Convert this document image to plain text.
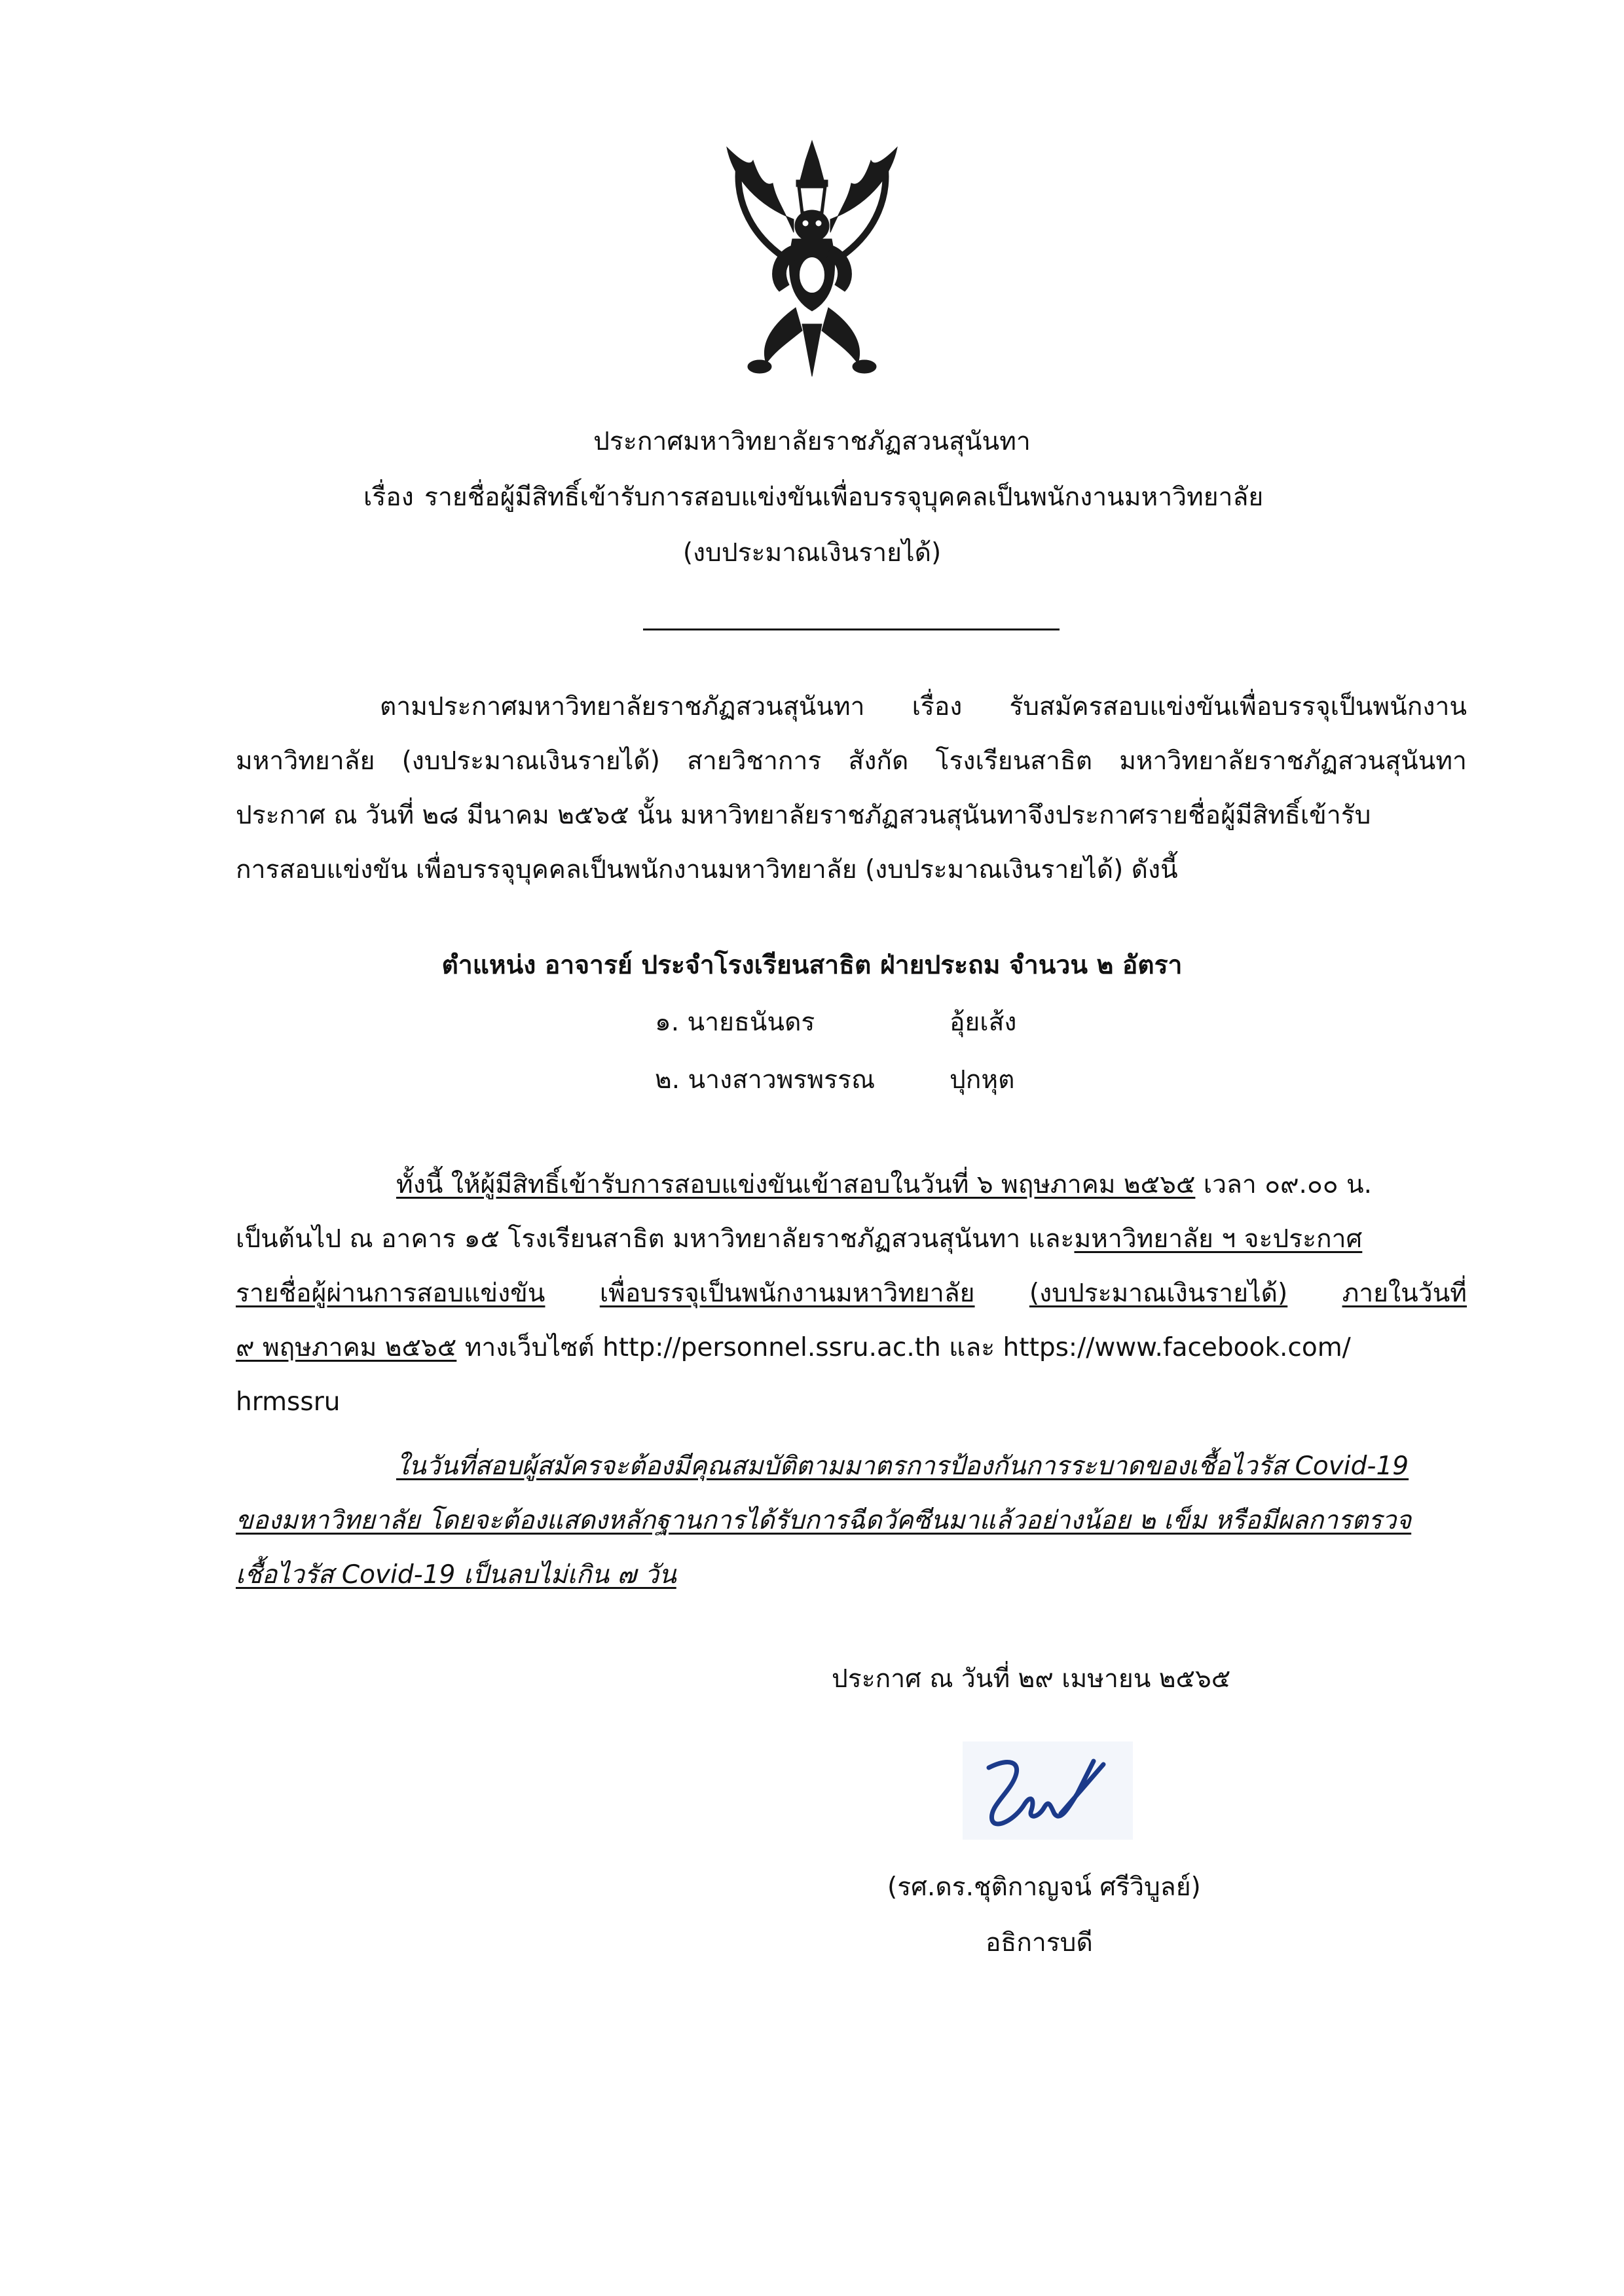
ประกาศมหาวิทยาลัยราชภัฏสวนสุนันทา
เรื่อง รายชื่อผู้มีสิทธิ์เข้ารับการสอบแข่งขันเพื่อบรรจุบุคคลเป็นพนักงานมหาวิทยาลัย
(งบประมาณเงินรายได้)
ตามประกาศมหาวิทยาลัยราชภัฏสวนสุนันทา เรื่อง รับสมัครสอบแข่งขันเพื่อบรรจุเป็นพนักงาน
มหาวิทยาลัย (งบประมาณเงินรายได้) สายวิชาการ สังกัด โรงเรียนสาธิต มหาวิทยาลัยราชภัฏสวนสุนันทา
ประกาศ ณ วันที่ ๒๘ มีนาคม ๒๕๖๕ นั้น มหาวิทยาลัยราชภัฏสวนสุนันทาจึงประกาศรายชื่อผู้มีสิทธิ์เข้ารับ
การสอบแข่งขัน เพื่อบรรจุบุคคลเป็นพนักงานมหาวิทยาลัย (งบประมาณเงินรายได้) ดังนี้
ตำแหน่ง อาจารย์ ประจำโรงเรียนสาธิต ฝ่ายประถม จำนวน ๒ อัตรา
๑. นายธนันดร	อุ้ยเส้ง
๒. นางสาวพรพรรณ	ปุกหุต
ทั้งนี้ ให้ผู้มีสิทธิ์เข้ารับการสอบแข่งขันเข้าสอบในวันที่ ๖ พฤษภาคม ๒๕๖๕ เวลา ๐๙.๐๐ น.
เป็นต้นไป ณ อาคาร ๑๕ โรงเรียนสาธิต มหาวิทยาลัยราชภัฏสวนสุนันทา และมหาวิทยาลัย ฯ จะประกาศ
รายชื่อผู้ผ่านการสอบแข่งขัน เพื่อบรรจุเป็นพนักงานมหาวิทยาลัย (งบประมาณเงินรายได้) ภายในวันที่
๙ พฤษภาคม ๒๕๖๕ ทางเว็บไซต์ http://personnel.ssru.ac.th และ https://www.facebook.com/
hrmssru
ในวันที่สอบผู้สมัครจะต้องมีคุณสมบัติตามมาตรการป้องกันการระบาดของเชื้อไวรัส Covid-19
ของมหาวิทยาลัย โดยจะต้องแสดงหลักฐานการได้รับการฉีดวัคซีนมาแล้วอย่างน้อย ๒ เข็ม หรือมีผลการตรวจ
เชื้อไวรัส Covid-19 เป็นลบไม่เกิน ๗ วัน
ประกาศ ณ วันที่ ๒๙ เมษายน ๒๕๖๕
(รศ.ดร.ชุติกาญจน์ ศรีวิบูลย์)
อธิการบดี
